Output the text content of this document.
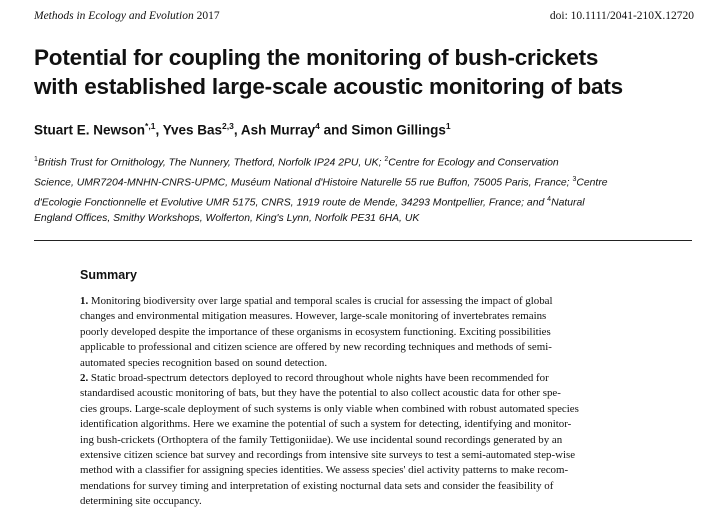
Methods in Ecology and Evolution 2017	doi: 10.1111/2041-210X.12720
Potential for coupling the monitoring of bush-crickets
with established large-scale acoustic monitoring of bats
Stuart E. Newson$^{*,1}$, Yves Bas$^{2,3}$, Ash Murray$^4$ and Simon Gillings$^1$
$^1$British Trust for Ornithology, The Nunnery, Thetford, Norfolk IP24 2PU, UK; $^2$Centre for Ecology and Conservation
Science, UMR7204-MNHN-CNRS-UPMC, Muséum National d'Histoire Naturelle 55 rue Buffon, 75005 Paris, France; $^3$Centre
d'Ecologie Fonctionnelle et Evolutive UMR 5175, CNRS, 1919 route de Mende, 34293 Montpellier, France; and $^4$Natural
England Offices, Smithy Workshops, Wolferton, King's Lynn, Norfolk PE31 6HA, UK
Summary
1. Monitoring biodiversity over large spatial and temporal scales is crucial for assessing the impact of global
changes and environmental mitigation measures. However, large-scale monitoring of invertebrates remains
poorly developed despite the importance of these organisms in ecosystem functioning. Exciting possibilities
applicable to professional and citizen science are offered by new recording techniques and methods of semi-
automated species recognition based on sound detection.
2. Static broad-spectrum detectors deployed to record throughout whole nights have been recommended for
standardised acoustic monitoring of bats, but they have the potential to also collect acoustic data for other spe-
cies groups. Large-scale deployment of such systems is only viable when combined with robust automated species
identification algorithms. Here we examine the potential of such a system for detecting, identifying and monitor-
ing bush-crickets (Orthoptera of the family Tettigoniidae). We use incidental sound recordings generated by an
extensive citizen science bat survey and recordings from intensive site surveys to test a semi-automated step-wise
method with a classifier for assigning species identities. We assess species' diel activity patterns to make recom-
mendations for survey timing and interpretation of existing nocturnal data sets and consider the feasibility of
determining site occupancy.
